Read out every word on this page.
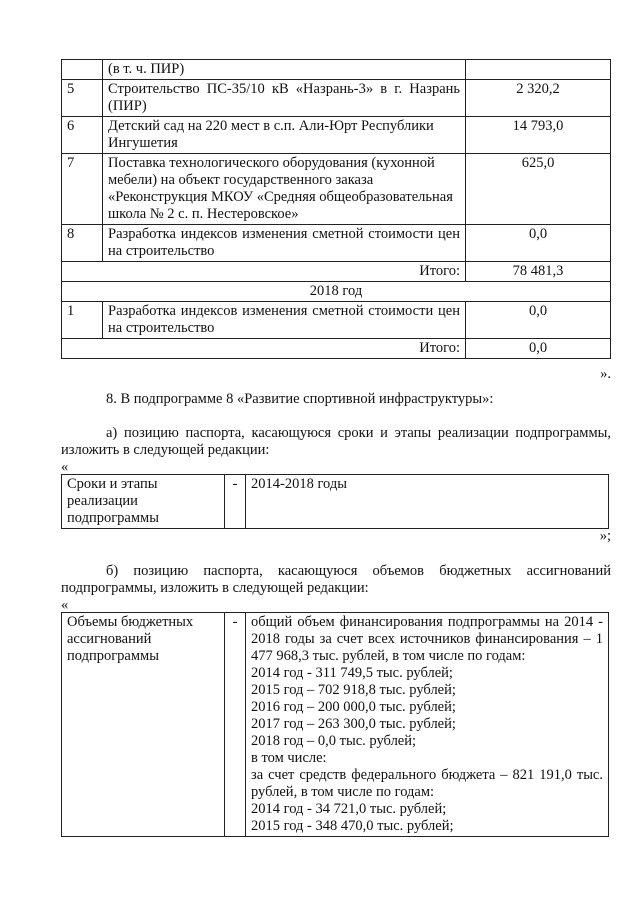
	(в т. ч. ПИР)	
5	Строительство ПС-35/10 кВ «Назрань-3» в г. Назрань (ПИР)	2 320,2
6	Детский сад на 220 мест в с.п. Али-Юрт Республики Ингушетия	14 793,0
7	Поставка технологического оборудования (кухонной мебели) на объект государственного заказа «Реконструкция МКОУ «Средняя общеобразовательная школа № 2 с. п. Нестеровское»	625,0
8	Разработка индексов изменения сметной стоимости цен на строительство	0,0
Итого:		78 481,3
2018 год		
1	Разработка индексов изменения сметной стоимости цен на строительство	0,0
Итого:		0,0
».
8. В подпрограмме 8 «Развитие спортивной инфраструктуры»:
а) позицию паспорта, касающуюся сроки и этапы реализации подпрограммы, изложить в следующей редакции:
«
Сроки и этапы реализации подпрограммы	-	2014-2018 годы
»;
б) позицию паспорта, касающуюся объемов бюджетных ассигнований подпрограммы, изложить в следующей редакции:
«
Объемы бюджетных ассигнований подпрограммы	-	общий объем финансирования подпрограммы на 2014 - 2018 годы за счет всех источников финансирования – 1 477 968,3 тыс. рублей, в том числе по годам:
2014 год - 311 749,5 тыс. рублей;
2015 год – 702 918,8 тыс. рублей;
2016 год – 200 000,0 тыс. рублей;
2017 год – 263 300,0 тыс. рублей;
2018 год – 0,0 тыс. рублей;
в том числе:
за счет средств федерального бюджета – 821 191,0 тыс. рублей, в том числе по годам:
2014 год - 34 721,0 тыс. рублей;
2015 год - 348 470,0 тыс. рублей;
